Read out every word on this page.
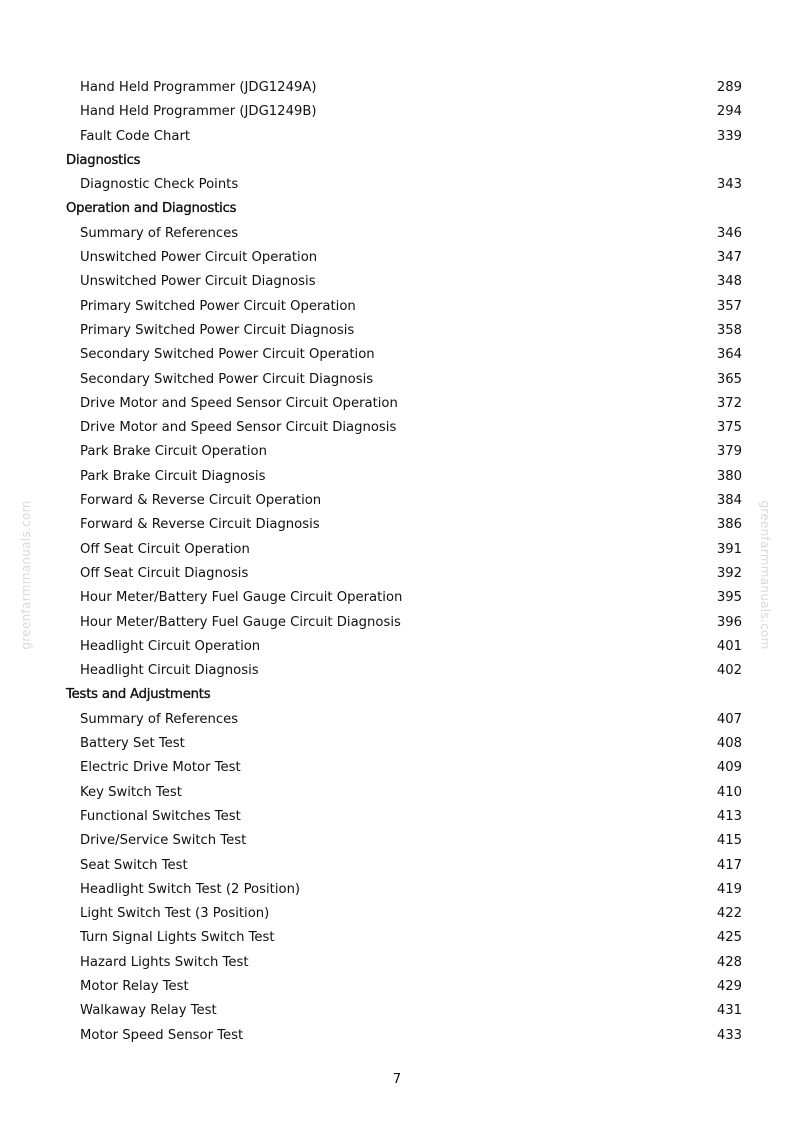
greenfarmmanuals.com	greenfarmmanuals.com
Hand Held Programmer (JDG1249A)	289
Hand Held Programmer (JDG1249B)	294
Fault Code Chart	339
Diagnostics
Diagnostic Check Points	343
Operation and Diagnostics
Summary of References	346
Unswitched Power Circuit Operation	347
Unswitched Power Circuit Diagnosis	348
Primary Switched Power Circuit Operation	357
Primary Switched Power Circuit Diagnosis	358
Secondary Switched Power Circuit Operation	364
Secondary Switched Power Circuit Diagnosis	365
Drive Motor and Speed Sensor Circuit Operation	372
Drive Motor and Speed Sensor Circuit Diagnosis	375
Park Brake Circuit Operation	379
Park Brake Circuit Diagnosis	380
Forward & Reverse Circuit Operation	384
Forward & Reverse Circuit Diagnosis	386
Off Seat Circuit Operation	391
Off Seat Circuit Diagnosis	392
Hour Meter/Battery Fuel Gauge Circuit Operation	395
Hour Meter/Battery Fuel Gauge Circuit Diagnosis	396
Headlight Circuit Operation	401
Headlight Circuit Diagnosis	402
Tests and Adjustments
Summary of References	407
Battery Set Test	408
Electric Drive Motor Test	409
Key Switch Test	410
Functional Switches Test	413
Drive/Service Switch Test	415
Seat Switch Test	417
Headlight Switch Test (2 Position)	419
Light Switch Test (3 Position)	422
Turn Signal Lights Switch Test	425
Hazard Lights Switch Test	428
Motor Relay Test	429
Walkaway Relay Test	431
Motor Speed Sensor Test	433
7
